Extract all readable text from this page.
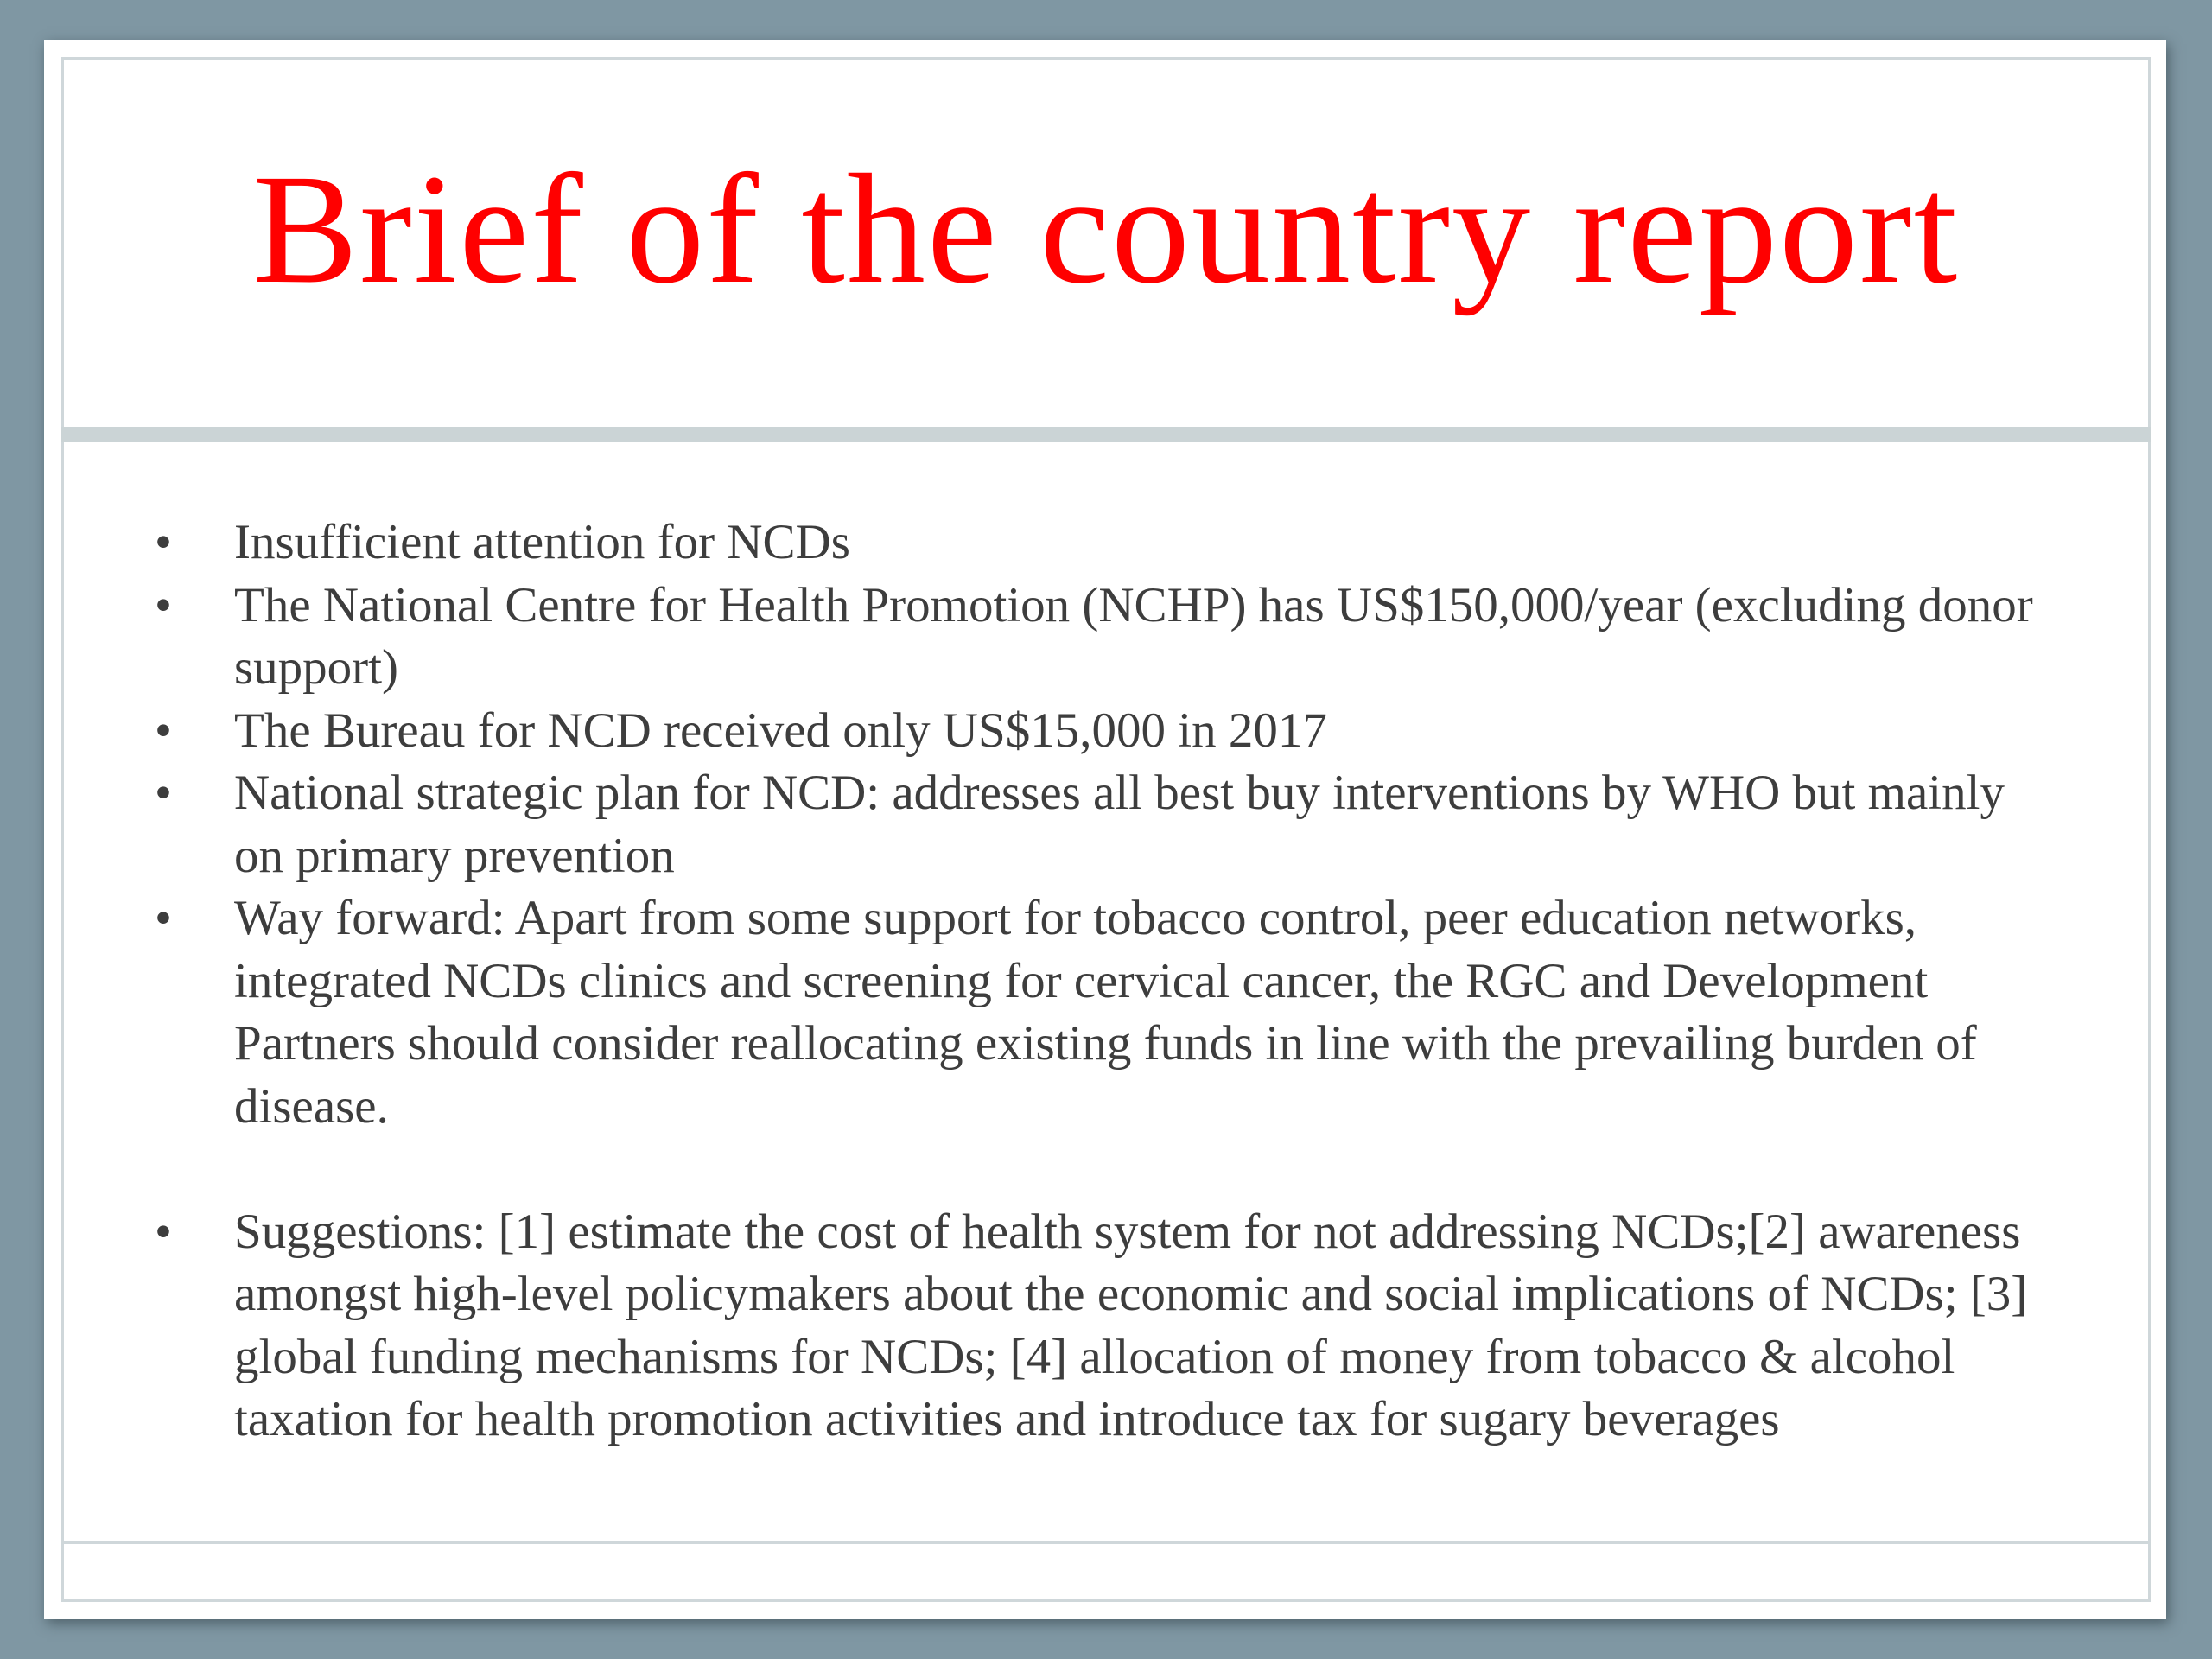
Brief of the country report
•	Insufficient attention for NCDs
•	The National Centre for Health Promotion (NCHP) has US$150,000/year (excluding donor support)
•	The Bureau for NCD received only US$15,000 in 2017
•	National strategic plan for NCD: addresses all best buy interventions by WHO but mainly on primary prevention
•	Way forward: Apart from some support for tobacco control, peer education networks, integrated NCDs clinics and screening for cervical cancer, the RGC and Development Partners should consider reallocating existing funds in line with the prevailing burden of disease.
•	Suggestions: [1] estimate the cost of health system for not addressing NCDs;[2] awareness amongst high-level policymakers about the economic and social implications of NCDs; [3] global funding mechanisms for NCDs; [4] allocation of money from tobacco & alcohol taxation for health promotion activities and introduce tax for sugary beverages
